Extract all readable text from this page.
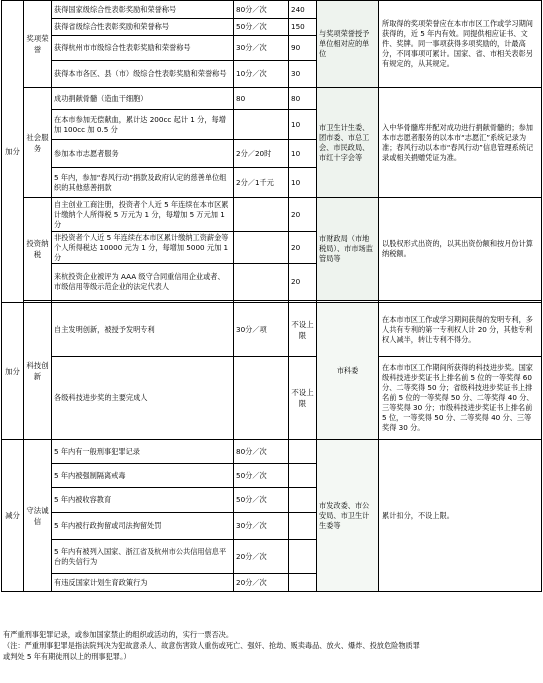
加分	奖项荣誉	获得国家级综合性表彰奖励和荣誉称号	80分／次	240	与奖项荣誉授予单位相对应的单位	所取得的奖项荣誉应在本市市区工作或学习期间获得的，近 5 年内有效。同提供相应证书、文件、奖牌。同一事项获得多项奖励的，计最高分，不同事项可累计。国家、省、市相关表彰另有规定的，从其规定。
		获得省级综合性表彰奖励和荣誉称号	50分／次	150		
		获得杭州市市级综合性表彰奖励和荣誉称号	30分／次	90		
		获得本市各区、县（市）级综合性表彰奖励和荣誉称号	10分／次	30		
	社会服务	成功捐献骨髓（造血干细胞）	80	80	市卫生计生委、团市委、市总工会、市民政局、市红十字会等	入中华骨髓库并配对成功进行捐献骨髓的；参加本市志愿者服务的以本市“志愿汇”系统记录为准；春风行动以本市“春风行动”信息管理系统记录或相关捐赠凭证为准。
		在本市参加无偿献血，累计达 200cc 起计 1 分，每增加 100cc 加 0.5 分		10		
		参加本市志愿者服务	2分／20时	10		
		5 年内，参加“春风行动”捐款及政府认定的慈善单位组织的其他慈善捐款	2分／1千元	10		
	投资纳税	自主创业工商注册，投资者个人近 5 年连续在本市区累计缴纳个人所得税 5 万元为 1 分，每增加 5 万元加 1 分		20	市财政局（市地税局）、市市场监管局等	以股权形式出资的，以其出资份额和按月份计算纳税额。
		非投资者个人近 5 年连续在本市区累计缴纳工资薪金等个人所得税达 10000 元为 1 分，每增加 5000 元加 1 分		20		
		来杭投资企业被评为 AAA 级守合同重信用企业或者、市级信用等级示范企业的法定代表人		20		

加分	科技创新	自主发明创新，被授予发明专利	30分／项	不设上限	市科委	在本市市区工作或学习期间获得的发明专利，多人共有专利的第一专利权人计 20 分，其他专利权人减半，转让专利不得分。
		各级科技进步奖的主要完成人		不设上限		在本市市区工作期间所获得的科技进步奖。国家级科技进步奖证书上排名前 5 位的一等奖得 60 分、二等奖得 50 分；省级科技进步奖证书上排名前 5 位的一等奖得 50 分、二等奖得 40 分、三等奖得 30 分；市级科技进步奖证书上排名前 5 位，一等奖得 50 分、二等奖得 40 分、三等奖得 30 分。
减分	守法诚信	5 年内有一般刑事犯罪记录	80分／次		市发改委、市公安局、市卫生计生委等	累计扣分，不设上限。
		5 年内被强制隔离戒毒	50分／次			
		5 年内被收容教育	50分／次			
		5 年内被行政拘留或司法拘留处罚	30分／次			
		5 年内有被列入国家、浙江省及杭州市公共信用信息平台的失信行为	20分／次			
		有违反国家计划生育政策行为	20分／次			
有严重刑事犯罪记录，或参加国家禁止的组织或活动的，实行一票否决。
（注：严重刑事犯罪是指法院判决为犯故意杀人、故意伤害致人重伤或死亡、强奸、抢劫、贩卖毒品、放火、爆炸、投放危险物质罪
或判处 5 年有期徒刑以上的刑事犯罪。）
